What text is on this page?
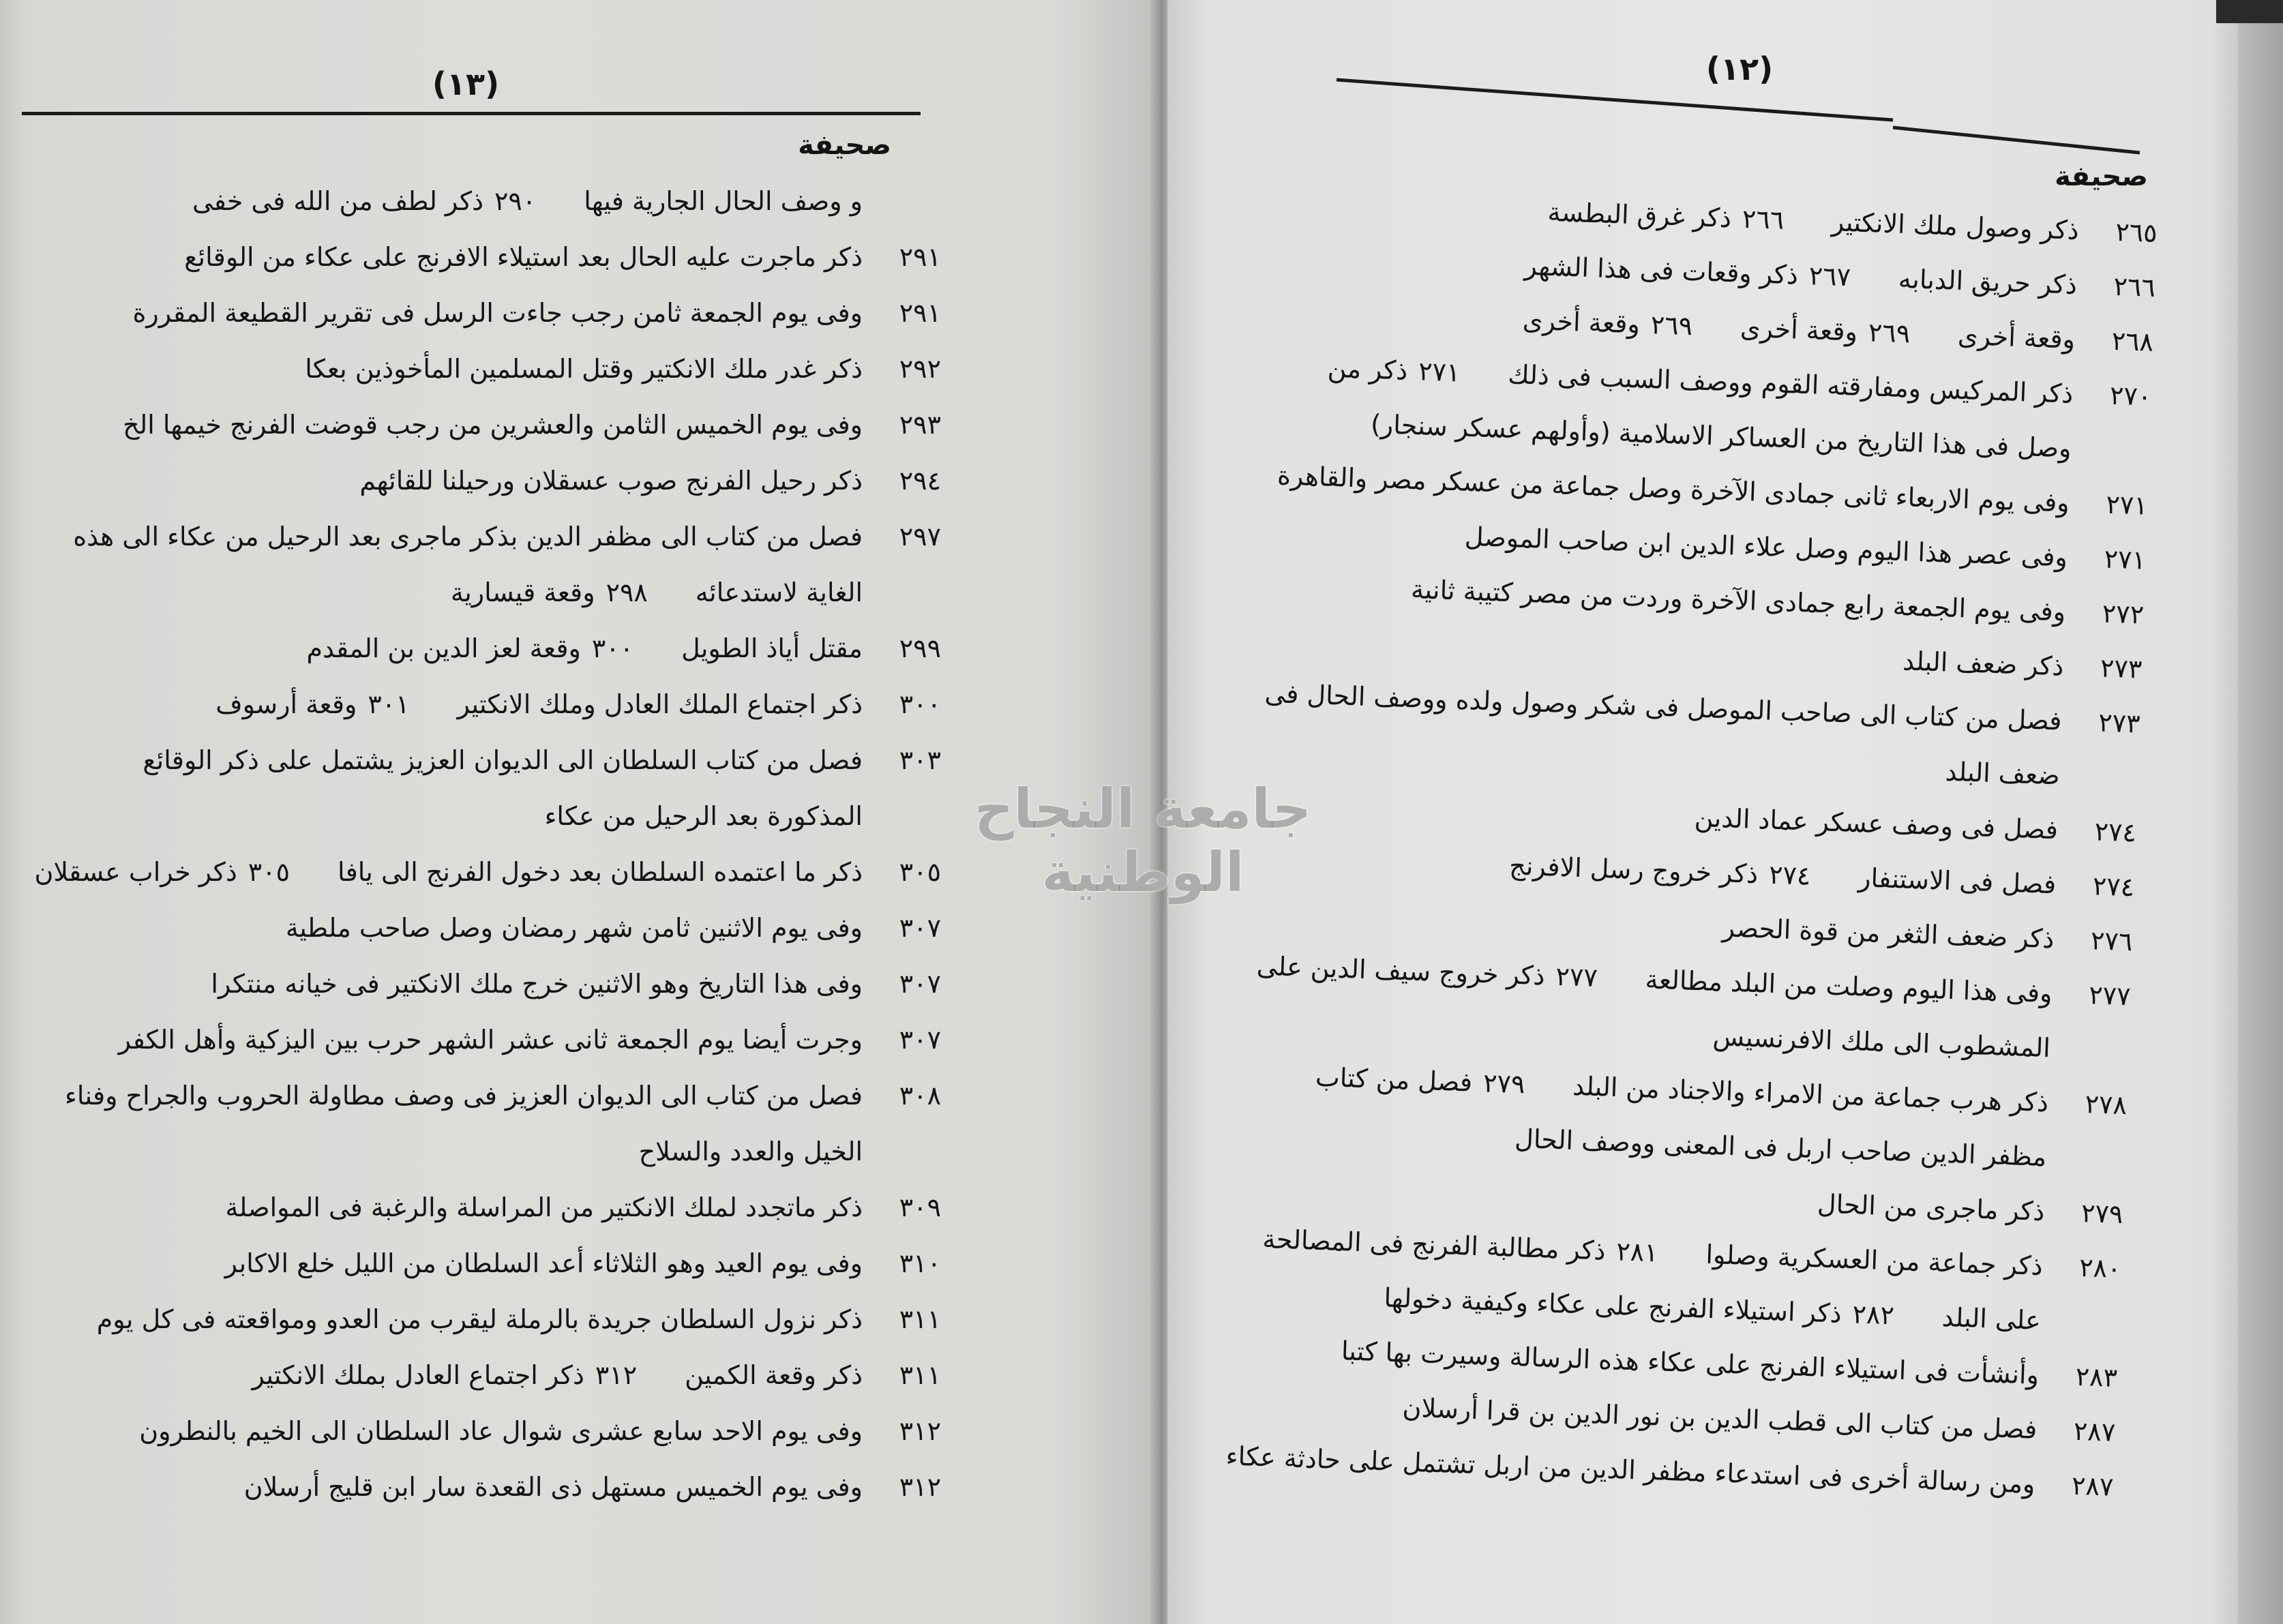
(١٣)
صحيفة
و وصف الحال الجارية فيها٢٩٠ذكر لطف من الله فى خفى
٢٩١ذكر ماجرت عليه الحال بعد استيلاء الافرنج على عكاء من الوقائع
٢٩١وفى يوم الجمعة ثامن رجب جاءت الرسل فى تقرير القطيعة المقررة
٢٩٢ذكر غدر ملك الانكتير وقتل المسلمين المأخوذين بعكا
٢٩٣وفى يوم الخميس الثامن والعشرين من رجب قوضت الفرنج خيمها الخ
٢٩٤ذكر رحيل الفرنج صوب عسقلان ورحيلنا للقائهم
٢٩٧فصل من كتاب الى مظفر الدين بذكر ماجرى بعد الرحيل من عكاء الى هذه
الغاية لاستدعائه٢٩٨وقعة قيسارية
٢٩٩مقتل أياذ الطويل٣٠٠وقعة لعز الدين بن المقدم
٣٠٠ذكر اجتماع الملك العادل وملك الانكتير٣٠١وقعة أرسوف
٣٠٣فصل من كتاب السلطان الى الديوان العزيز يشتمل على ذكر الوقائع
المذكورة بعد الرحيل من عكاء
٣٠٥ذكر ما اعتمده السلطان بعد دخول الفرنج الى يافا٣٠٥ذكر خراب عسقلان
٣٠٧وفى يوم الاثنين ثامن شهر رمضان وصل صاحب ملطية
٣٠٧وفى هذا التاريخ وهو الاثنين خرج ملك الانكتير فى خيانه منتكرا
٣٠٧وجرت أيضا يوم الجمعة ثانى عشر الشهر حرب بين اليزكية وأهل الكفر
٣٠٨فصل من كتاب الى الديوان العزيز فى وصف مطاولة الحروب والجراح وفناء
الخيل والعدد والسلاح
٣٠٩ذكر ماتجدد لملك الانكتير من المراسلة والرغبة فى المواصلة
٣١٠وفى يوم العيد وهو الثلاثاء أعد السلطان من الليل خلع الاكابر
٣١١ذكر نزول السلطان جريدة بالرملة ليقرب من العدو ومواقعته فى كل يوم
٣١١ذكر وقعة الكمين٣١٢ذكر اجتماع العادل بملك الانكتير
٣١٢وفى يوم الاحد سابع عشرى شوال عاد السلطان الى الخيم بالنطرون
٣١٢وفى يوم الخميس مستهل ذى القعدة سار ابن قليج أرسلان
(١٢)
صحيفة
٢٦٥ذكر وصول ملك الانكتير٢٦٦ذكر غرق البطسة
٢٦٦ذكر حريق الدبابه٢٦٧ذكر وقعات فى هذا الشهر
٢٦٨وقعة أخرى٢٦٩وقعة أخرى٢٦٩وقعة أخرى
٢٧٠ذكر المركيس ومفارقته القوم ووصف السبب فى ذلك٢٧١ذكر من
وصل فى هذا التاريخ من العساكر الاسلامية (وأولهم عسكر سنجار)
٢٧١وفى يوم الاربعاء ثانى جمادى الآخرة وصل جماعة من عسكر مصر والقاهرة
٢٧١وفى عصر هذا اليوم وصل علاء الدين ابن صاحب الموصل
٢٧٢وفى يوم الجمعة رابع جمادى الآخرة وردت من مصر كتيبة ثانية
٢٧٣ذكر ضعف البلد
٢٧٣فصل من كتاب الى صاحب الموصل فى شكر وصول ولده ووصف الحال فى
ضعف البلد
٢٧٤فصل فى وصف عسكر عماد الدين
٢٧٤فصل فى الاستنفار٢٧٤ذكر خروج رسل الافرنج
٢٧٦ذكر ضعف الثغر من قوة الحصر
٢٧٧وفى هذا اليوم وصلت من البلد مطالعة٢٧٧ذكر خروج سيف الدين على
المشطوب الى ملك الافرنسيس
٢٧٨ذكر هرب جماعة من الامراء والاجناد من البلد٢٧٩فصل من كتاب
مظفر الدين صاحب اربل فى المعنى ووصف الحال
٢٧٩ذكر ماجرى من الحال
٢٨٠ذكر جماعة من العسكرية وصلوا٢٨١ذكر مطالبة الفرنج فى المصالحة
على البلد٢٨٢ذكر استيلاء الفرنج على عكاء وكيفية دخولها
٢٨٣وأنشأت فى استيلاء الفرنج على عكاء هذه الرسالة وسيرت بها كتبا
٢٨٧فصل من كتاب الى قطب الدين بن نور الدين بن قرا أرسلان
٢٨٧ومن رسالة أخرى فى استدعاء مظفر الدين من اربل تشتمل على حادثة عكاء
جامعة النجاح الوطنية
